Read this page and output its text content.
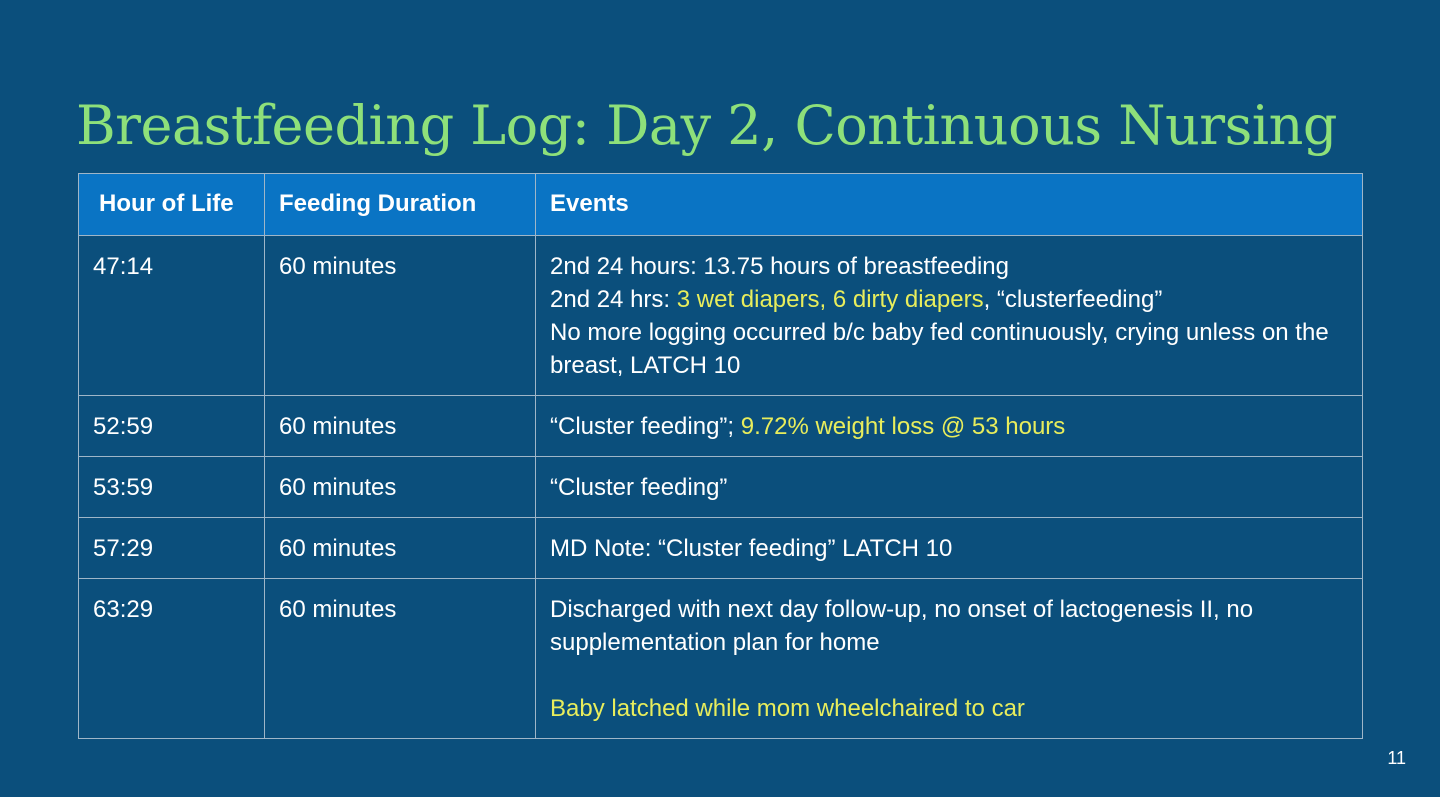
Breastfeeding Log: Day 2, Continuous Nursing
Hour of Life	Feeding Duration	Events
47:14	60 minutes	2nd 24 hours: 13.75 hours of breastfeeding
2nd 24 hrs: 3 wet diapers, 6 dirty diapers, “clusterfeeding”
No more logging occurred b/c baby fed continuously, crying unless on the breast, LATCH 10

52:59	60 minutes	“Cluster feeding”; 9.72% weight loss @ 53 hours
53:59	60 minutes	“Cluster feeding”
57:29	60 minutes	MD Note: “Cluster feeding” LATCH 10
63:29	60 minutes	Discharged with next day follow-up, no onset of lactogenesis II, no supplementation plan for home
Baby latched while mom wheelchaired to car
11
